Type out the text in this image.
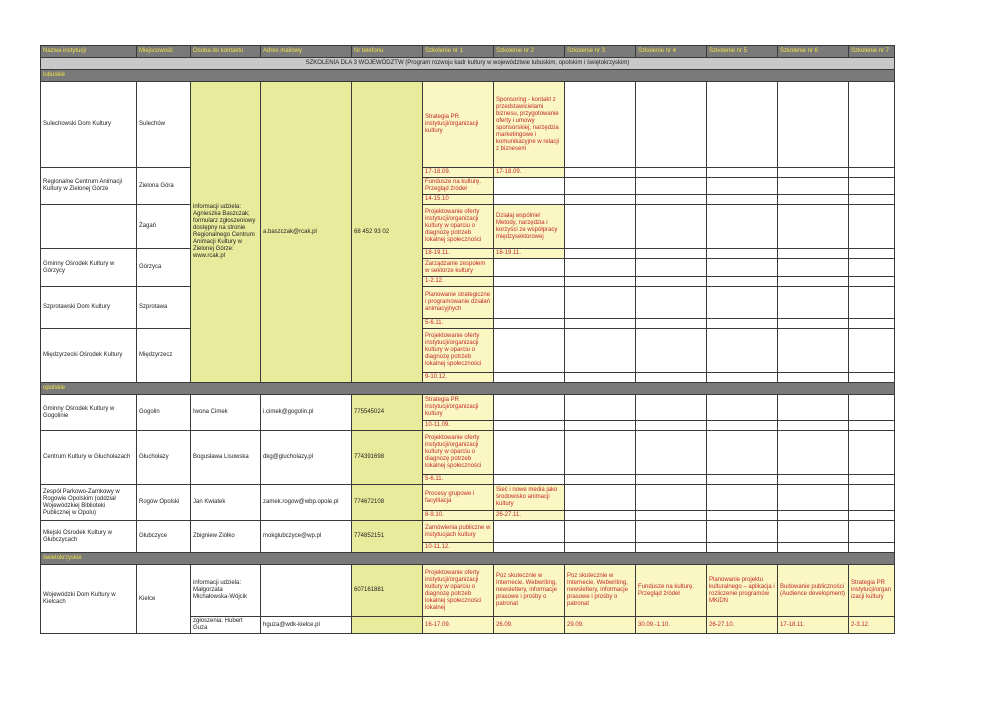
Nazwa instytucji	Miejscowość	Osoba do kontaktu	Adres mailowy	Nr telefonu	Szkolenie nr 1	Szkolenie nr 2	Szkolenie nr 3	Szkolenie nr 4	Szkolenie nr 5	Szkolenie nr 6	Szkolenie nr 7
SZKOLENIA DLA 3 WOJEWÓDZTW (Program rozwoju kadr kultury w województwie lubuskim, opolskim i świętokrzyskim)											
lubuskie											
Sulechowski Dom Kultury	Sulechów	informacji udziela: Agnieszka Baszczak; formularz zgłoszeniowy dostępny na stronie Regionalnego Centrum Animacji Kultury w Zielonej Górze: www.rcak.pl	a.baszczak@rcak.pl	68 452 93 02	Strategia PR instytucji/organizacji kultury	Sponsoring - kontakt z przedstawicielami biznesu, przygotowanie oferty i umowy sponsorskiej, narzędzia marketingowe i komunikacyjne w relacji z biznesem					
Regionalne Centrum Animacji Kultury w Zielonej Górze	Zielona Góra				17-18.09.	17-18.09.					
					Fundusze na kulturę. Przegląd źródeł						
					14-15.10						
	Żagań				Projektowanie oferty instytucji/organizacji kultury w oparciu o diagnozę potrzeb lokalnej społeczności	Działaj wspólnie! Metody, narzędzia i korzyści ze współpracy międzysektorowej					
Gminny Ośrodek Kultury w Górzycy	Górzyca				18-19.11.	18-19.11.					
					Zarządzanie zespołem w sektorze kultury						
					1-2.12.						
Szprotawski Dom Kultury	Szprotawa				Planowanie strategiczne i programowanie działań animacyjnych						
					5-6.11.						
Międzyrzecki Ośrodek Kultury	Międzyrzecz				Projektowanie oferty instytucji/organizacji kultury w oparciu o diagnozę potrzeb lokalnej społeczności						
					9-10.12.						
opolskie											
Gminny Ośrodek Kultury w Gogolinie	Gogolin	Iwona Cimek	i.cimek@gogolin.pl	775545024	Strategia PR instytucji/organizacji kultury						
					10-11.09.						
Centrum Kultury w Głuchołazach	Głuchołazy	Bogusława Lisowska	dkg@glucholazy.pl	774391698	Projektowanie oferty instytucji/organizacji kultury w oparciu o diagnozę potrzeb lokalnej społeczności						
					5-6.11.						
Zespół Parkowo-Zamkowy w Rogowie Opolskim (oddział Wojewódzkiej Biblioteki Publicznej w Opolu)	Rogów Opolski	Jan Kwiatek	zamek.rogow@wbp.opole.pl	774672108	Procesy grupowe i facylitacja	Sieć i nowe media jako środowisko animacji kultury					
					8-9.10.	26-27.11.					
Miejski Ośrodek Kultury w Głubczycach	Głubczyce	Zbigniew Ziółko	mokglubczyce@wp.pl	774852151	Zamówienia publiczne w instytucjach kultury						
					10-11.12.						
świetokrzyskie											
Wojewódzki Dom Kultury w Kielcach	Kielce	informacji udziela: Małgorzata Michałowska-Wójcik		607161881	Projektowanie oferty instytucji/organizacji kultury w oparciu o diagnozę potrzeb lokalnej społeczności lokalnej	Poz skutecznie w Internecie. Webwriting, newslettery, informacje prasowe i prośby o patronat	Poz skutecznie w Internecie. Webwriting, newslettery, informacje prasowe i prośby o patronat	Fundusze na kulturę. Przegląd źródeł	Planowanie projektu kulturalnego – aplikacja i rozliczenie programów MKiDN	Budowanie publiczności (Audience development)	Strategia PR instytucji/organizacji kultury
		zgłoszenia: Hubert Guza	hguza@wdk-kielce.pl		16-17.09.	26.09.	29.09.	30.09.-1.10.	26-27.10.	17-18.11.	2-3.12.
